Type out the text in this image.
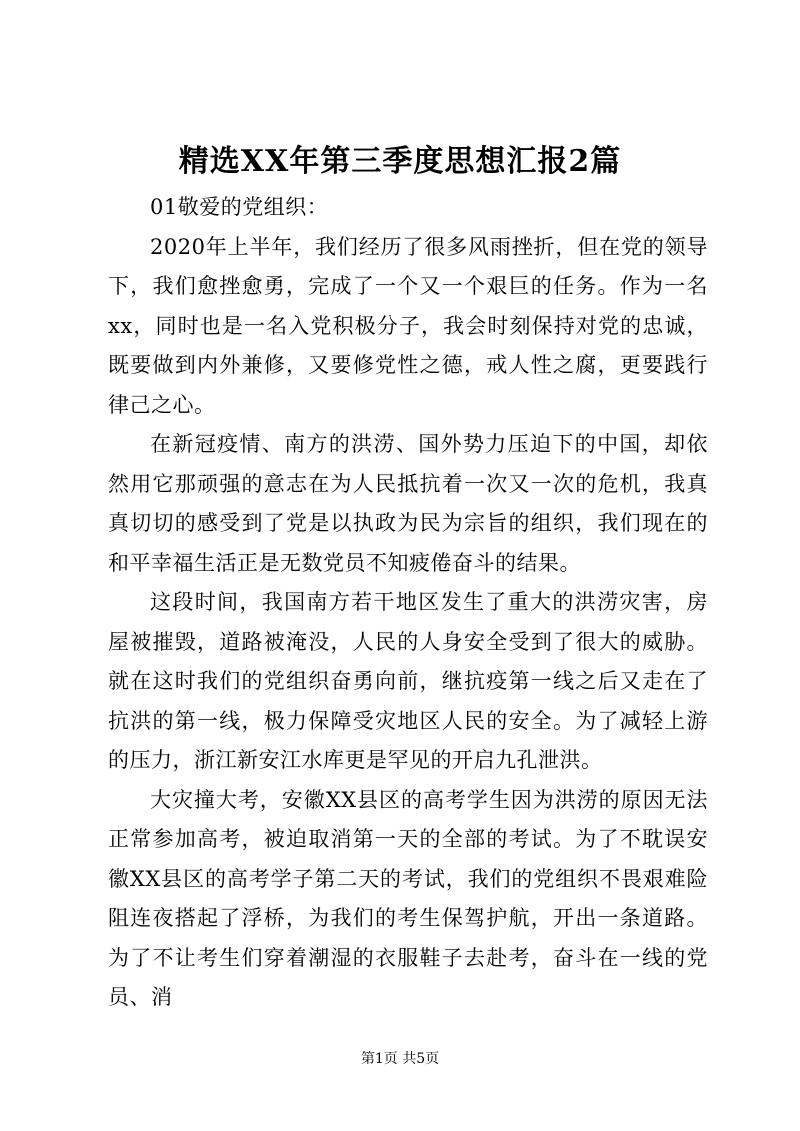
精选XX年第三季度思想汇报2篇

01敬爱的党组织：

2020年上半年，我们经历了很多风雨挫折，但在党的领导下，我们愈挫愈勇，完成了一个又一个艰巨的任务。作为一名xx，同时也是一名入党积极分子，我会时刻保持对党的忠诚，既要做到内外兼修，又要修党性之德，戒人性之腐，更要践行律己之心。

在新冠疫情、南方的洪涝、国外势力压迫下的中国，却依然用它那顽强的意志在为人民抵抗着一次又一次的危机，我真真切切的感受到了党是以执政为民为宗旨的组织，我们现在的和平幸福生活正是无数党员不知疲倦奋斗的结果。

这段时间，我国南方若干地区发生了重大的洪涝灾害，房屋被摧毁，道路被淹没，人民的人身安全受到了很大的威胁。就在这时我们的党组织奋勇向前，继抗疫第一线之后又走在了抗洪的第一线，极力保障受灾地区人民的安全。为了减轻上游的压力，浙江新安江水库更是罕见的开启九孔泄洪。

大灾撞大考，安徽XX县区的高考学生因为洪涝的原因无法正常参加高考，被迫取消第一天的全部的考试。为了不耽误安徽XX县区的高考学子第二天的考试，我们的党组织不畏艰难险阻连夜搭起了浮桥，为我们的考生保驾护航，开出一条道路。为了不让考生们穿着潮湿的衣服鞋子去赴考，奋斗在一线的党员、消

第1页 共5页
